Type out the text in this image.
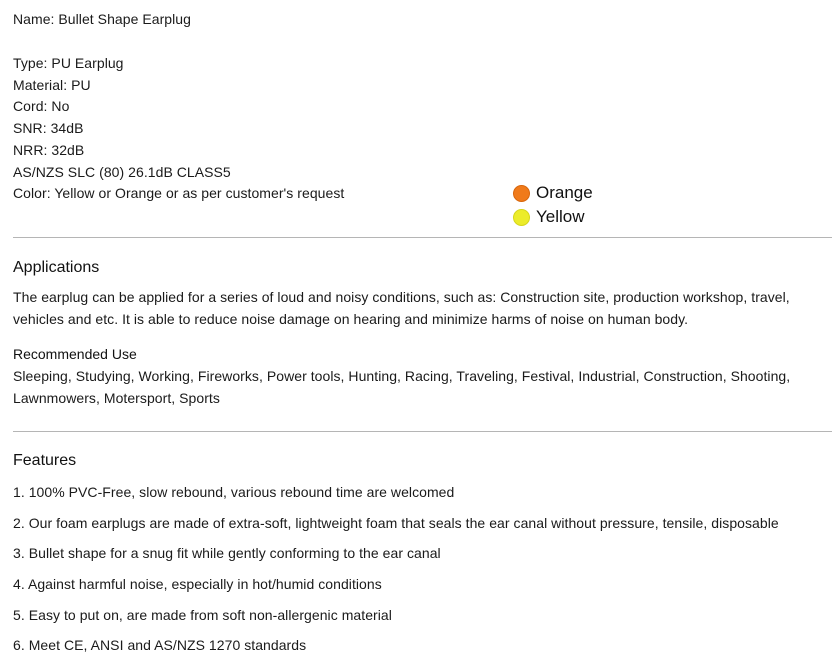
Name: Bullet Shape Earplug
Type: PU Earplug
Material: PU
Cord: No
SNR: 34dB
NRR: 32dB
AS/NZS SLC (80) 26.1dB CLASS5
Color: Yellow or Orange or as per customer's request	Orange
Yellow
Applications
The earplug can be applied for a series of loud and noisy conditions, such as: Construction site, production workshop, travel, vehicles and etc. It is able to reduce noise damage on hearing and minimize harms of noise on human body.
Recommended Use
Sleeping, Studying, Working, Fireworks, Power tools, Hunting, Racing, Traveling, Festival, Industrial, Construction, Shooting, Lawnmowers, Motersport, Sports
Features
1. 100% PVC-Free, slow rebound, various rebound time are welcomed
2. Our foam earplugs are made of extra-soft, lightweight foam that seals the ear canal without pressure, tensile, disposable
3. Bullet shape for a snug fit while gently conforming to the ear canal
4. Against harmful noise, especially in hot/humid conditions
5. Easy to put on, are made from soft non-allergenic material
6. Meet CE, ANSI and AS/NZS 1270 standards
